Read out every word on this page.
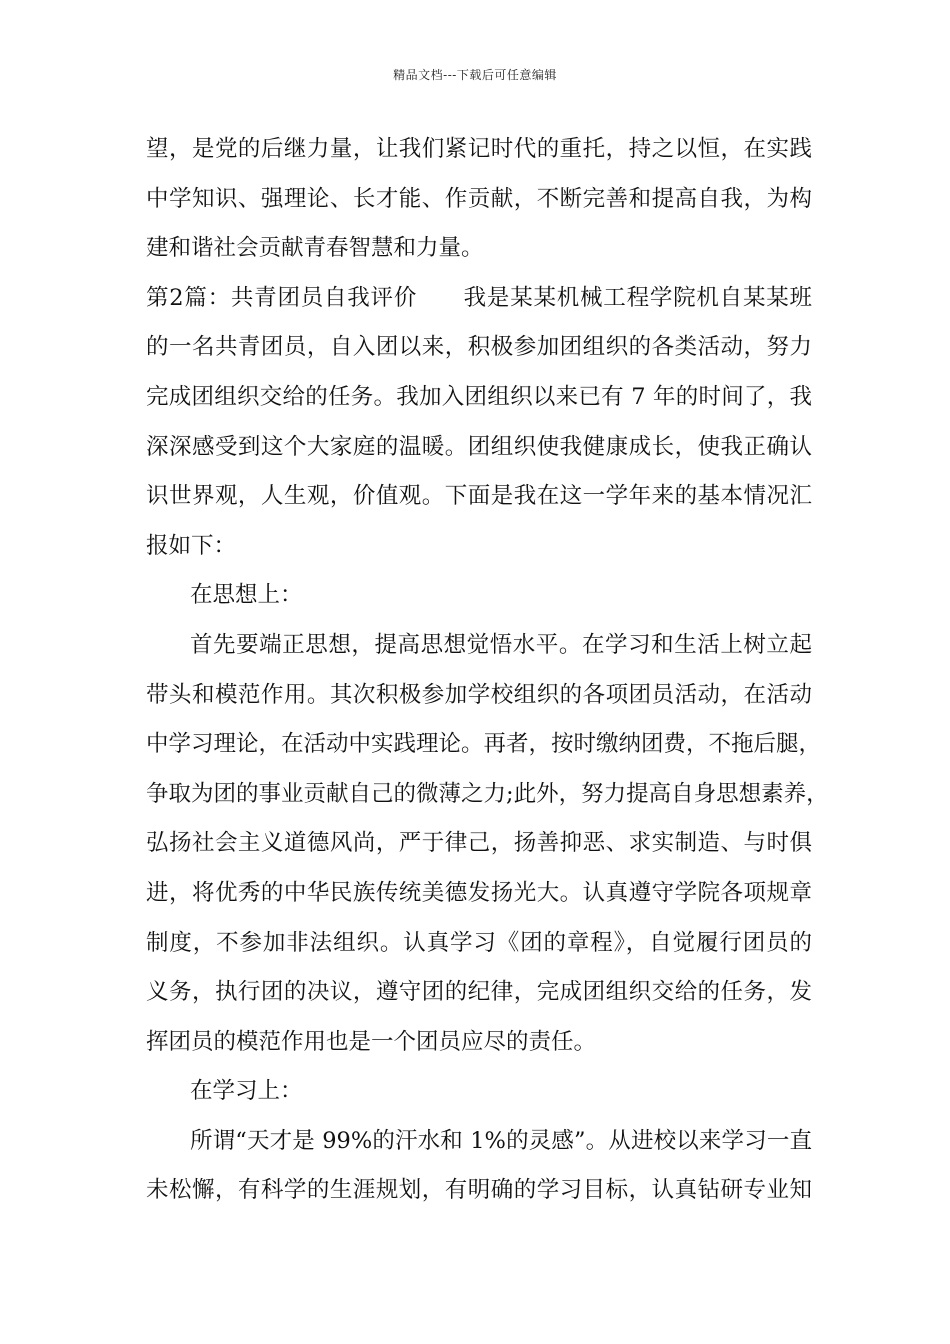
精品文档---下载后可任意编辑
望，是党的后继力量，让我们紧记时代的重托，持之以恒，在实践
中学知识、强理论、长才能、作贡献，不断完善和提高自我，为构
建和谐社会贡献青春智慧和力量。
第2篇：共青团员自我评价　　我是某某机械工程学院机自某某班
的一名共青团员，自入团以来，积极参加团组织的各类活动，努力
完成团组织交给的任务。我加入团组织以来已有 7 年的时间了，我
深深感受到这个大家庭的温暖。团组织使我健康成长，使我正确认
识世界观，人生观，价值观。下面是我在这一学年来的基本情况汇
报如下：
在思想上：
首先要端正思想，提高思想觉悟水平。在学习和生活上树立起
带头和模范作用。其次积极参加学校组织的各项团员活动，在活动
中学习理论，在活动中实践理论。再者，按时缴纳团费，不拖后腿，
争取为团的事业贡献自己的微薄之力;此外，努力提高自身思想素养，
弘扬社会主义道德风尚，严于律己，扬善抑恶、求实制造、与时俱
进，将优秀的中华民族传统美德发扬光大。认真遵守学院各项规章
制度，不参加非法组织。认真学习《团的章程》，自觉履行团员的
义务，执行团的决议，遵守团的纪律，完成团组织交给的任务，发
挥团员的模范作用也是一个团员应尽的责任。
在学习上：
所谓“天才是 99%的汗水和 1%的灵感”。从进校以来学习一直
未松懈，有科学的生涯规划，有明确的学习目标，认真钻研专业知
